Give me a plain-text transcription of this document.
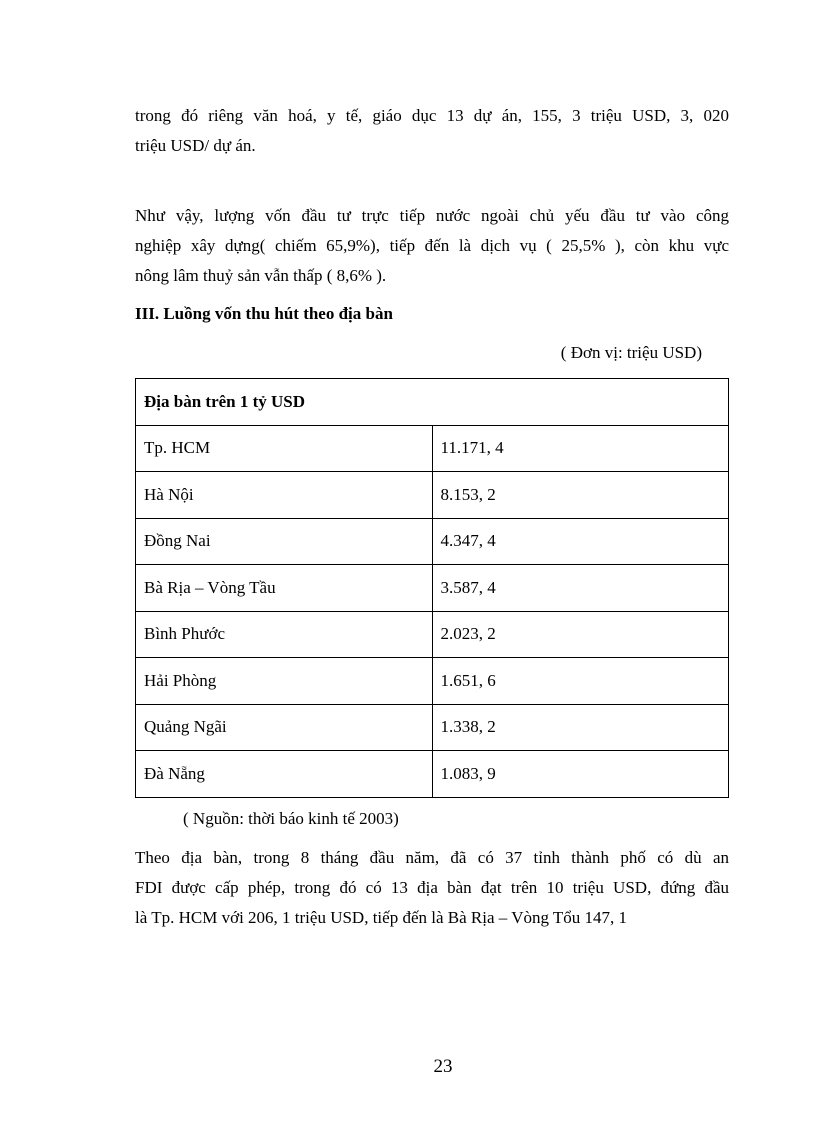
trong đó riêng văn hoá, y tế, giáo dục 13 dự án, 155, 3 triệu USD, 3, 020
triệu USD/ dự án.
Như vậy, lượng vốn đầu tư trực tiếp nước ngoài chủ yếu đầu tư vào công
nghiệp xây dựng( chiếm 65,9%), tiếp đến là dịch vụ ( 25,5% ), còn khu vực
nông lâm thuỷ sản vẫn thấp ( 8,6% ).
III. Luồng vốn thu hút theo địa bàn
( Đơn vị: triệu USD)
Địa bàn trên 1 tỷ USD	
Tp. HCM	11.171, 4
Hà Nội	8.153, 2
Đồng Nai	4.347, 4
Bà Rịa – Vòng Tầu	3.587, 4
Bình Phước	2.023, 2
Hải Phòng	1.651, 6
Quảng Ngãi	1.338, 2
Đà Nẵng	1.083, 9
( Nguồn: thời báo kinh tế 2003)
Theo địa bàn, trong 8 tháng đầu năm, đã có 37 tỉnh thành phố có dù an
FDI được cấp phép, trong đó có 13 địa bàn đạt trên 10 triệu USD, đứng đầu
là Tp. HCM với 206, 1 triệu USD, tiếp đến là Bà Rịa – Vòng Tổu 147, 1
23
